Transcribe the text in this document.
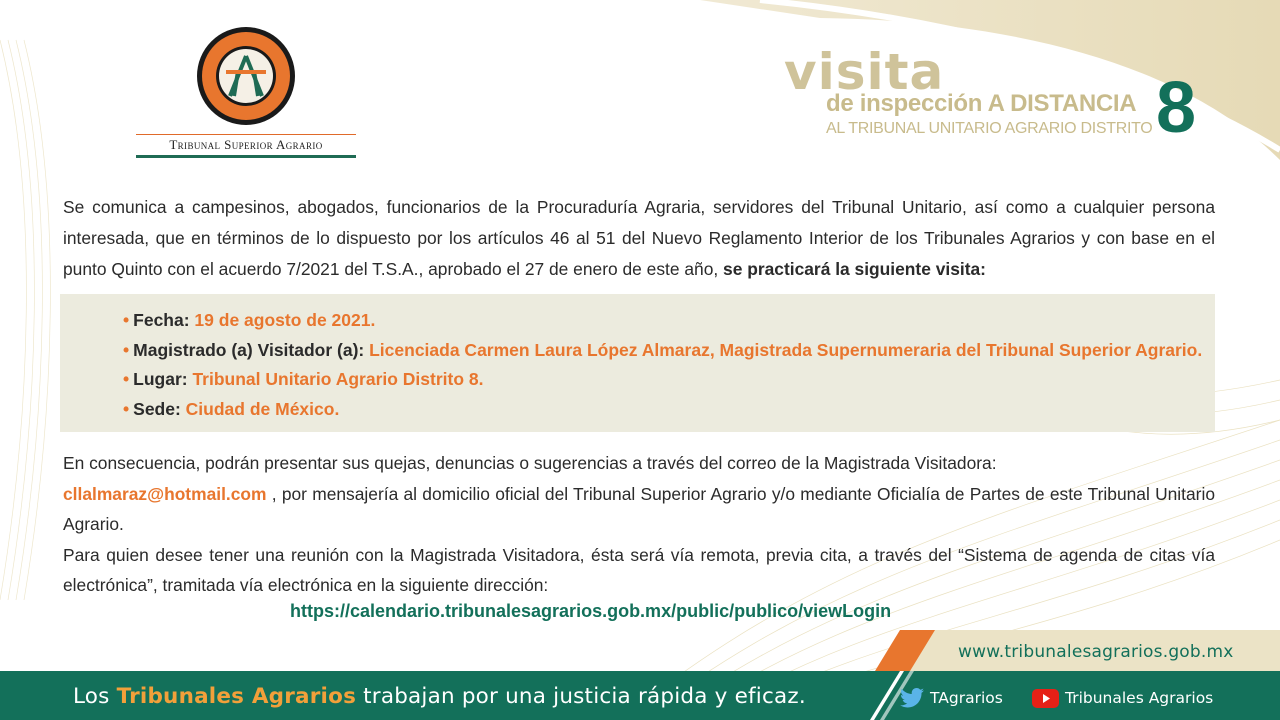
Tribunal Superior Agrario
visita
de inspección A DISTANCIA
AL TRIBUNAL UNITARIO AGRARIO DISTRITO 8

Se comunica a campesinos, abogados, funcionarios de la Procuraduría Agraria, servidores del Tribunal Unitario, así como a cualquier persona interesada, que en términos de lo dispuesto por los artículos 46 al 51 del Nuevo Reglamento Interior de los Tribunales Agrarios y con base en el punto Quinto con el acuerdo 7/2021 del T.S.A., aprobado el 27 de enero de este año, se practicará la siguiente visita:

• Fecha: 19 de agosto de 2021.
• Magistrado (a) Visitador (a): Licenciada Carmen Laura López Almaraz, Magistrada Supernumeraria del Tribunal Superior Agrario.
• Lugar: Tribunal Unitario Agrario Distrito 8.
• Sede: Ciudad de México.
En consecuencia, podrán presentar sus quejas, denuncias o sugerencias a través del correo de la Magistrada Visitadora:
cllalmaraz@hotmail.com , por mensajería al domicilio oficial del Tribunal Superior Agrario y/o mediante Oficialía de Partes de este Tribunal Unitario Agrario.
Para quien desee tener una reunión con la Magistrada Visitadora, ésta será vía remota, previa cita, a través del “Sistema de agenda de citas vía electrónica”, tramitada vía electrónica en la siguiente dirección:
https://calendario.tribunalesagrarios.gob.mx/public/publico/viewLogin
www.tribunalesagrarios.gob.mx
Los Tribunales Agrarios trabajan por una justicia rápida y eficaz.	TAgrarios	Tribunales Agrarios
